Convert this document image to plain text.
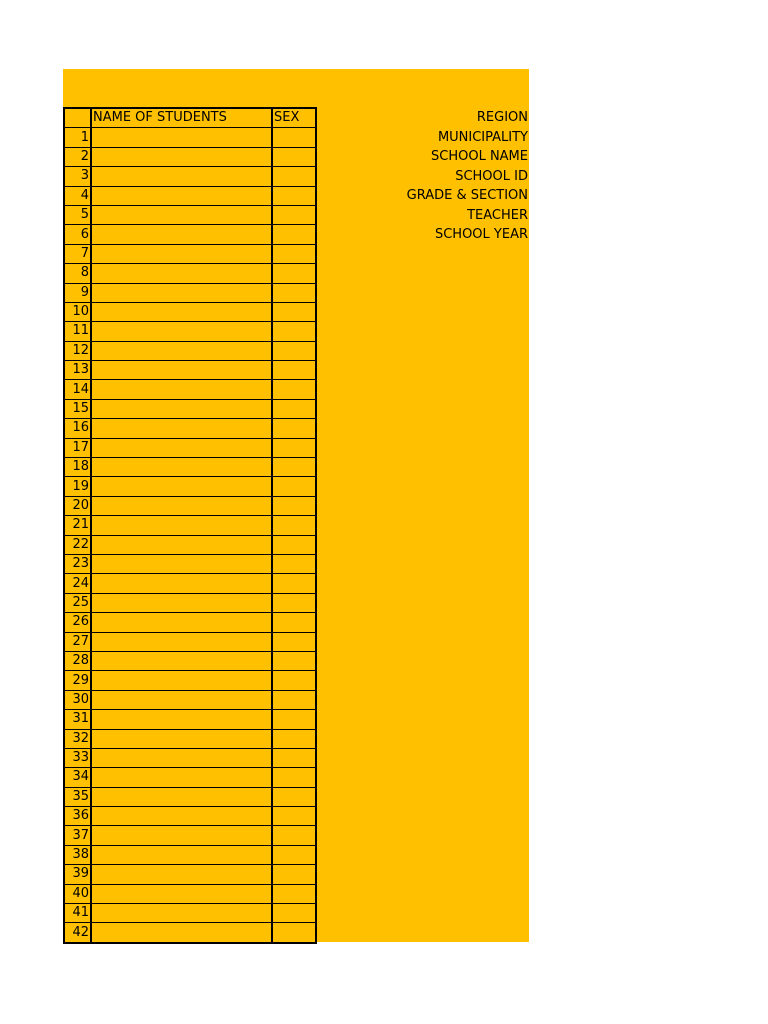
	NAME OF STUDENTS	SEX
1		
2		
3		
4		
5		
6		
7		
8		
9		
10		
11		
12		
13		
14		
15		
16		
17		
18		
19		
20		
21		
22		
23		
24		
25		
26		
27		
28		
29		
30		
31		
32		
33		
34		
35		
36		
37		
38		
39		
40		
41		
42		
REGION
MUNICIPALITY
SCHOOL NAME
SCHOOL ID
GRADE & SECTION
TEACHER
SCHOOL YEAR
